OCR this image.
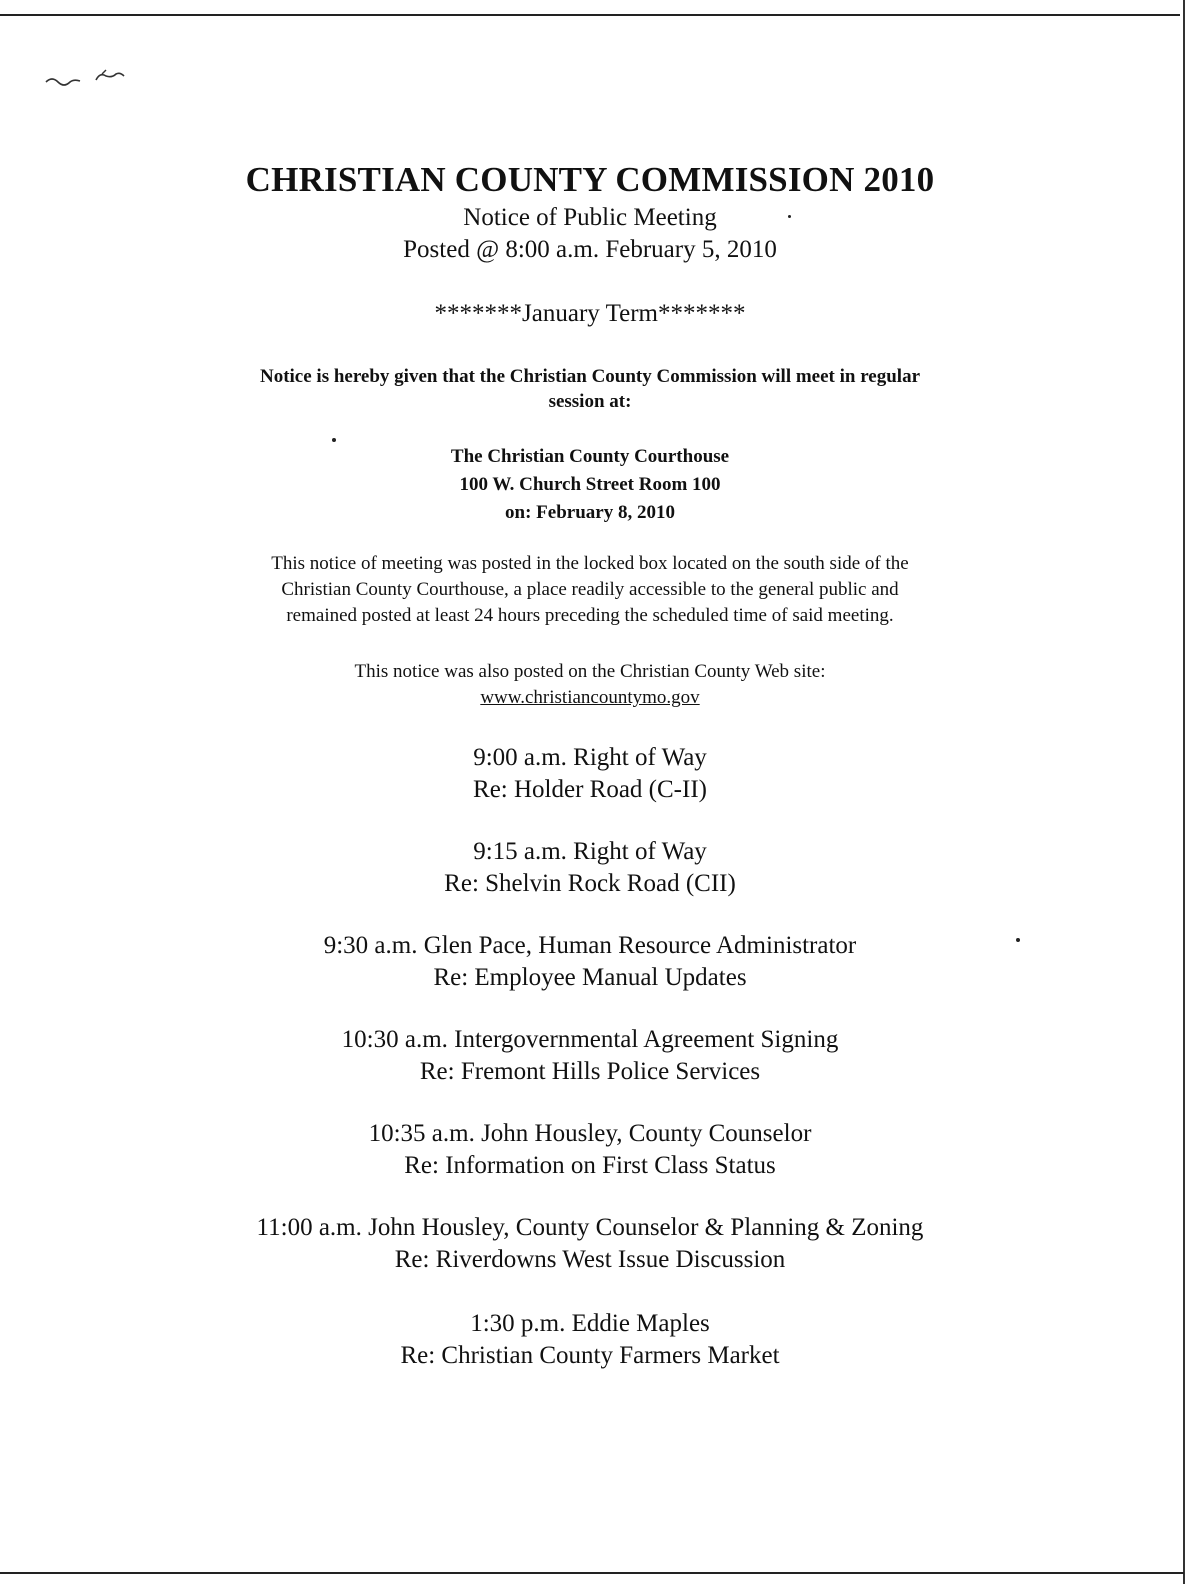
CHRISTIAN COUNTY COMMISSION 2010
Notice of Public Meeting
Posted @ 8:00 a.m. February 5, 2010
*******January Term*******
Notice is hereby given that the Christian County Commission will meet in regular
session at:
The Christian County Courthouse
100 W. Church Street Room 100
on: February 8, 2010
This notice of meeting was posted in the locked box located on the south side of the
Christian County Courthouse, a place readily accessible to the general public and
remained posted at least 24 hours preceding the scheduled time of said meeting.
This notice was also posted on the Christian County Web site:
www.christiancountymo.gov
9:00 a.m. Right of Way
Re: Holder Road (C-II)
9:15 a.m. Right of Way
Re: Shelvin Rock Road (CII)
9:30 a.m. Glen Pace, Human Resource Administrator
Re: Employee Manual Updates
10:30 a.m. Intergovernmental Agreement Signing
Re: Fremont Hills Police Services
10:35 a.m. John Housley, County Counselor
Re: Information on First Class Status
11:00 a.m. John Housley, County Counselor & Planning & Zoning
Re: Riverdowns West Issue Discussion
1:30 p.m. Eddie Maples
Re: Christian County Farmers Market
